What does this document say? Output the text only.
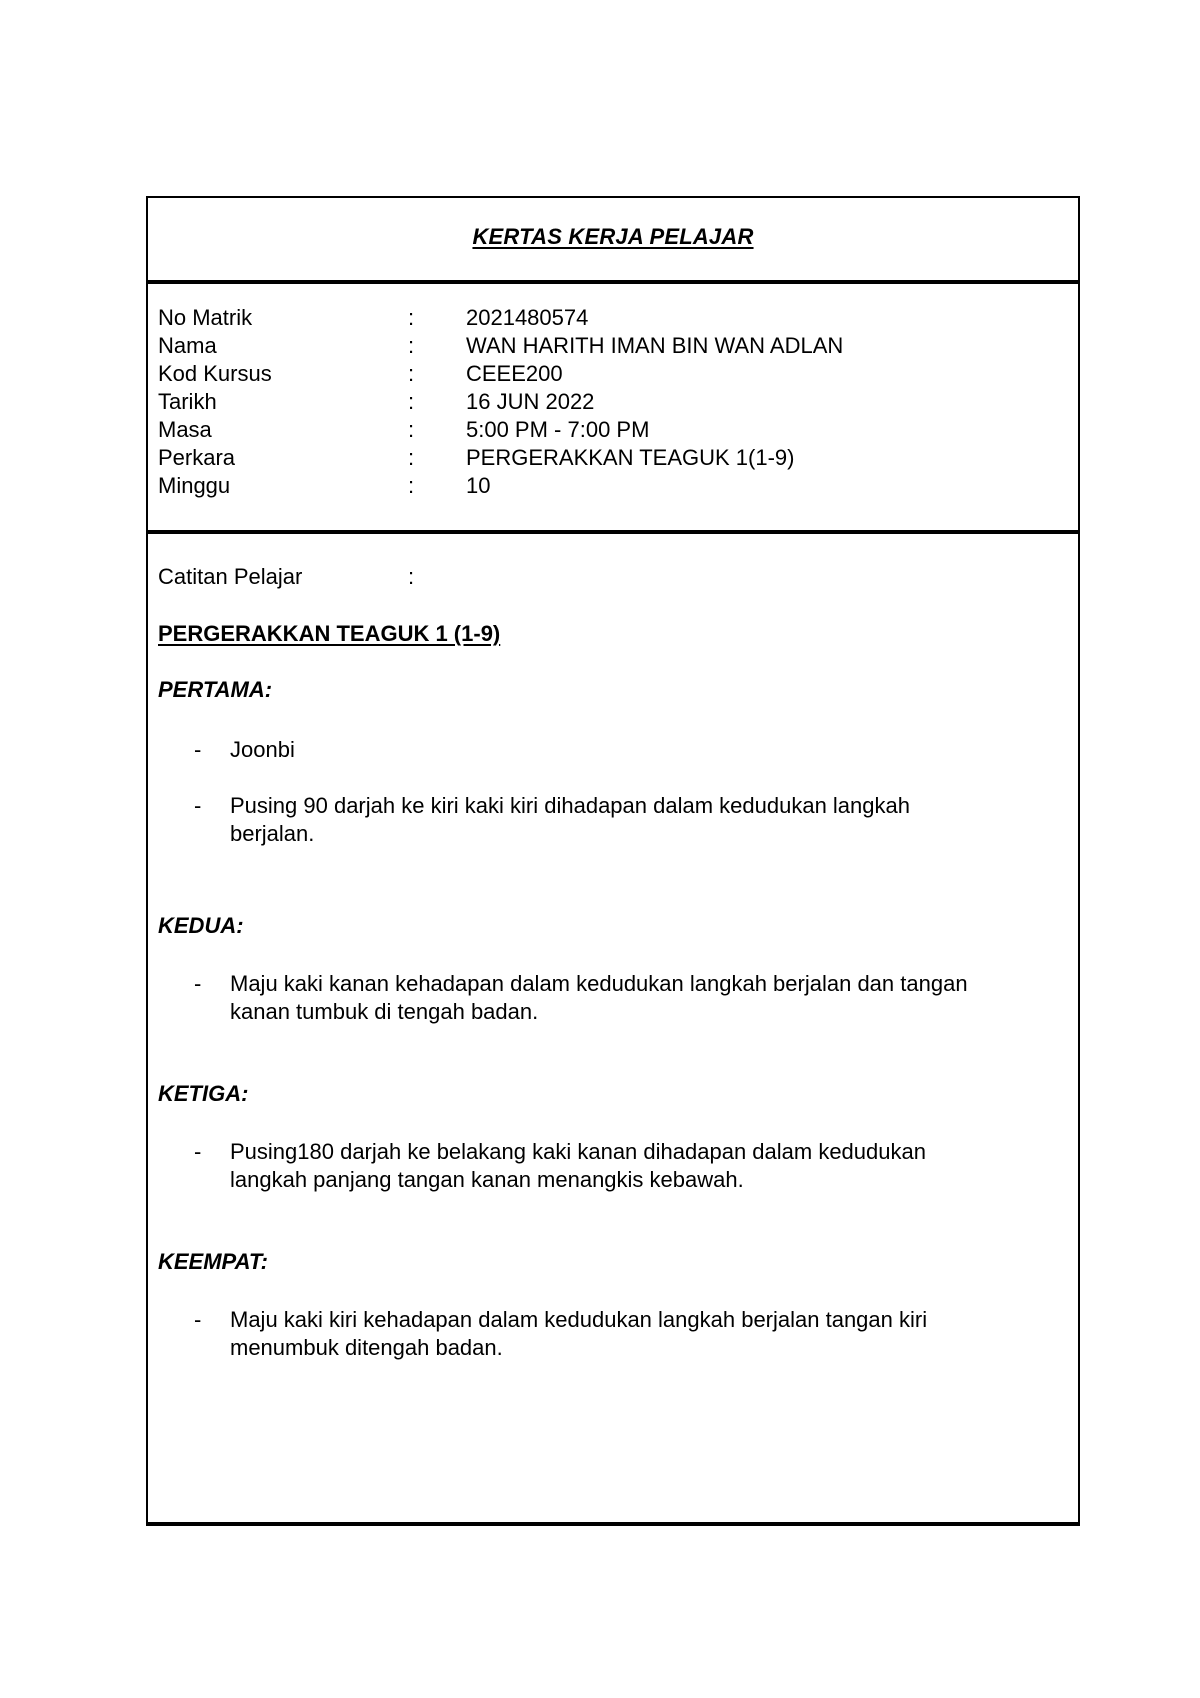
KERTAS KERJA PELAJAR
No Matrik	: 2021480574
Nama	: WAN HARITH IMAN BIN WAN ADLAN
Kod Kursus	: CEEE200
Tarikh	: 16 JUN 2022
Masa	: 5:00 PM - 7:00 PM
Perkara	: PERGERAKKAN TEAGUK 1(1-9)
Minggu	: 10
Catitan Pelajar	:
PERGERAKKAN TEAGUK 1 (1-9)
PERTAMA:
- Joonbi
- Pusing 90 darjah ke kiri kaki kiri dihadapan dalam kedudukan langkah berjalan.
KEDUA:
- Maju kaki kanan kehadapan dalam kedudukan langkah berjalan dan tangan kanan tumbuk di tengah badan.
KETIGA:
- Pusing180 darjah ke belakang kaki kanan dihadapan dalam kedudukan langkah panjang tangan kanan menangkis kebawah.
KEEMPAT:
- Maju kaki kiri kehadapan dalam kedudukan langkah berjalan tangan kiri menumbuk ditengah badan.
